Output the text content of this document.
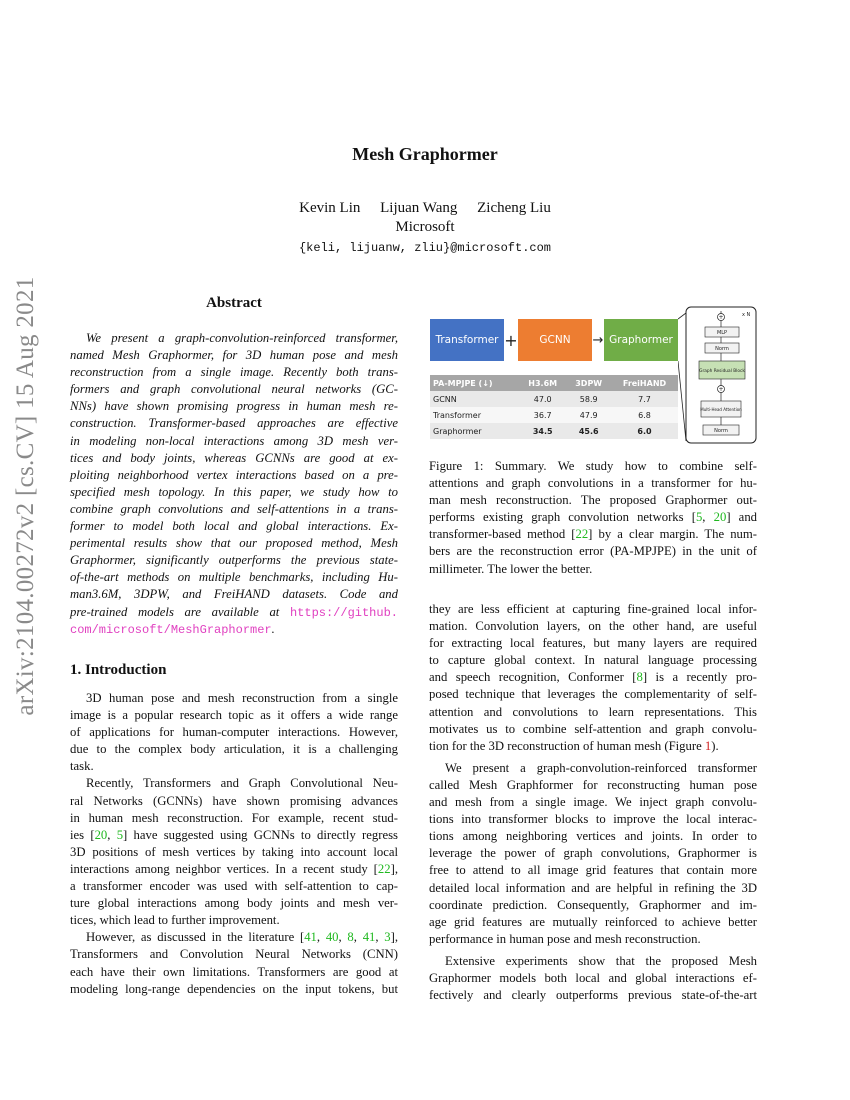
arXiv:2104.00272v2 [cs.CV] 15 Aug 2021
Mesh Graphormer
Kevin Lin Lijuan Wang Zicheng Liu
Microsoft
{keli, lijuanw, zliu}@microsoft.com
Abstract
We present a graph-convolution-reinforced transformer,
named Mesh Graphormer, for 3D human pose and mesh
reconstruction from a single image. Recently both trans-
formers and graph convolutional neural networks (GC-
NNs) have shown promising progress in human mesh re-
construction. Transformer-based approaches are effective
in modeling non-local interactions among 3D mesh ver-
tices and body joints, whereas GCNNs are good at ex-
ploiting neighborhood vertex interactions based on a pre-
specified mesh topology. In this paper, we study how to
combine graph convolutions and self-attentions in a trans-
former to model both local and global interactions. Ex-
perimental results show that our proposed method, Mesh
Graphormer, significantly outperforms the previous state-
of-the-art methods on multiple benchmarks, including Hu-
man3.6M, 3DPW, and FreiHAND datasets. Code and
pre-trained models are available at https://github.
com/microsoft/MeshGraphormer.
1. Introduction
3D human pose and mesh reconstruction from a single
image is a popular research topic as it offers a wide range
of applications for human-computer interactions. However,
due to the complex body articulation, it is a challenging
task.
Recently, Transformers and Graph Convolutional Neu-
ral Networks (GCNNs) have shown promising advances
in human mesh reconstruction. For example, recent stud-
ies [20, 5] have suggested using GCNNs to directly regress
3D positions of mesh vertices by taking into account local
interactions among neighbor vertices. In a recent study [22],
a transformer encoder was used with self-attention to cap-
ture global interactions among body joints and mesh ver-
tices, which lead to further improvement.
However, as discussed in the literature [41, 40, 8, 41, 3],
Transformers and Convolution Neural Networks (CNN)
each have their own limitations. Transformers are good at
modeling long-range dependencies on the input tokens, but
they are less efficient at capturing fine-grained local infor-
mation. Convolution layers, on the other hand, are useful
for extracting local features, but many layers are required
to capture global context. In natural language processing
and speech recognition, Conformer [8] is a recently pro-
posed technique that leverages the complementarity of self-
attention and convolutions to learn representations. This
motivates us to combine self-attention and graph convolu-
tion for the 3D reconstruction of human mesh (Figure 1).
We present a graph-convolution-reinforced transformer
called Mesh Graphformer for reconstructing human pose
and mesh from a single image. We inject graph convolu-
tions into transformer blocks to improve the local interac-
tions among neighboring vertices and joints. In order to
leverage the power of graph convolutions, Graphormer is
free to attend to all image grid features that contain more
detailed local information and are helpful in refining the 3D
coordinate prediction. Consequently, Graphormer and im-
age grid features are mutually reinforced to achieve better
performance in human pose and mesh reconstruction.
Extensive experiments show that the proposed Mesh
Graphormer models both local and global interactions ef-
fectively and clearly outperforms previous state-of-the-art
Transformer +	GCNN	→ Graphormer
PA-MPJPE (↓)	H3.6M	3DPW	FreiHAND
GCNN	47.0	58.9	7.7
Transformer	36.7	47.9	6.8
Graphormer	34.5	45.6	6.0
x N
+
MLP
Norm
Graph Residual Block
+
Multi-Head Attention
Norm
Figure 1: Summary. We study how to combine self-
attentions and graph convolutions in a transformer for hu-
man mesh reconstruction. The proposed Graphormer out-
performs existing graph convolution networks [5, 20] and
transformer-based method [22] by a clear margin. The num-
bers are the reconstruction error (PA-MPJPE) in the unit of
millimeter. The lower the better.
